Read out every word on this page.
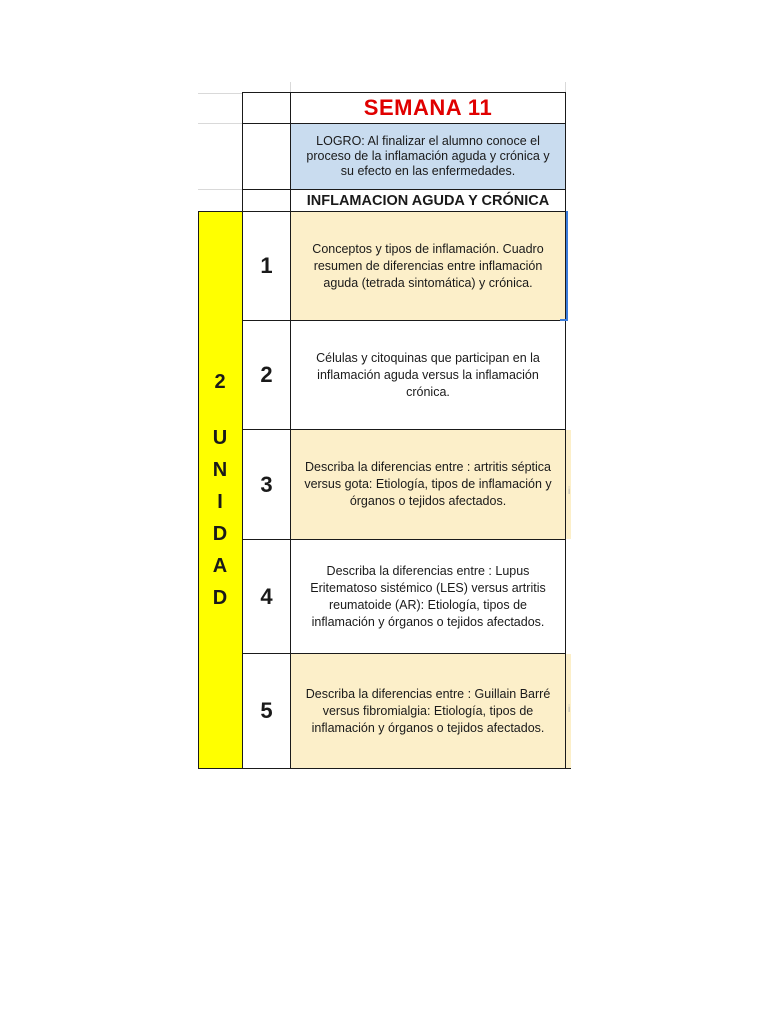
SEMANA 11
LOGRO: Al finalizar el alumno conoce el proceso de la inflamación aguda y crónica y su efecto en las enfermedades.
INFLAMACION AGUDA Y CRÓNICA
2
U
N
I
D
A
D
1
Conceptos y tipos de inflamación. Cuadro resumen de diferencias entre inflamación aguda (tetrada sintomática) y crónica.
2
Células y citoquinas que participan en la inflamación aguda versus la inflamación crónica.
3
Describa la diferencias entre : artritis séptica versus gota: Etiología, tipos de inflamación y órganos o tejidos afectados.
4
Describa la diferencias entre : Lupus Eritematoso sistémico (LES) versus artritis reumatoide (AR): Etiología, tipos de inflamación y órganos o tejidos afectados.
5
Describa la diferencias entre : Guillain Barré versus fibromialgia: Etiología, tipos de inflamación y órganos o tejidos afectados.
i
i
